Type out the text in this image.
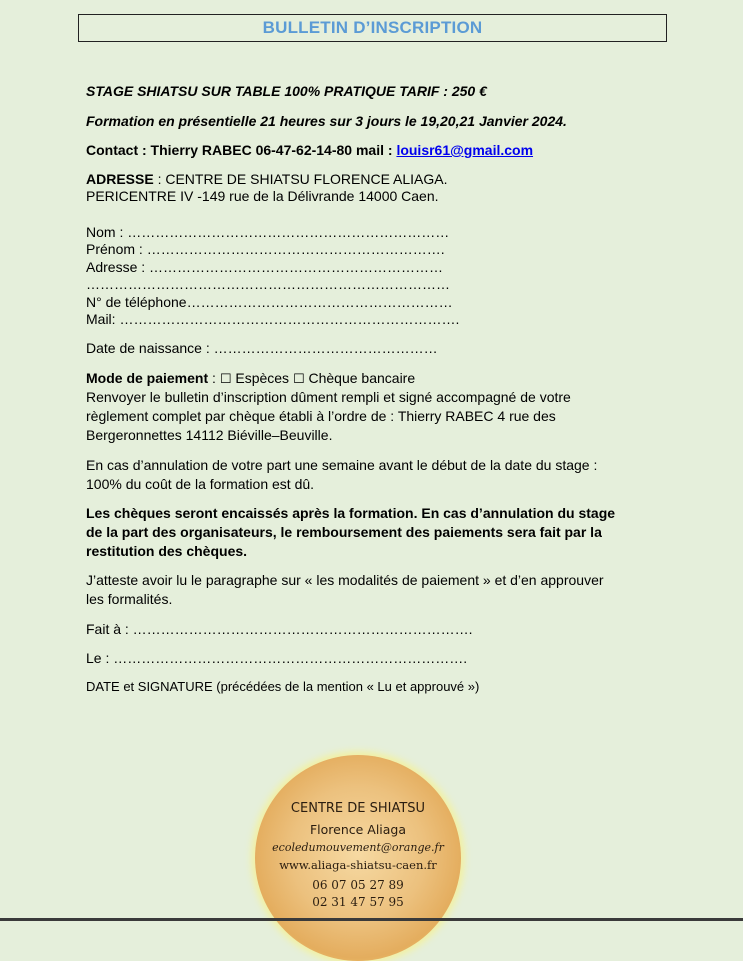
BULLETIN D’INSCRIPTION
STAGE SHIATSU SUR TABLE 100% PRATIQUE TARIF : 250 €
Formation en présentielle 21 heures sur 3 jours le 19,20,21 Janvier 2024.
Contact : Thierry RABEC 06-47-62-14-80 mail : louisr61@gmail.com
ADRESSE : CENTRE DE SHIATSU FLORENCE ALIAGA.
PERICENTRE IV -149 rue de la Délivrande 14000 Caen.
Nom : ……………………………………………………………
Prénom : ……………………………………………………….
Adresse : ………………………………………………………
……………………………………………………………………
N° de téléphone…………………………………………………
Mail: ……………………………………………………………….
Date de naissance : …………………………………………
Mode de paiement : ☐ Espèces ☐ Chèque bancaire
Renvoyer le bulletin d’inscription dûment rempli et signé accompagné de votre
règlement complet par chèque établi à l’ordre de : Thierry RABEC 4 rue des
Bergeronnettes 14112 Biéville–Beuville.
En cas d’annulation de votre part une semaine avant le début de la date du stage :
100% du coût de la formation est dû.
Les chèques seront encaissés après la formation. En cas d’annulation du stage
de la part des organisateurs, le remboursement des paiements sera fait par la
restitution des chèques.
J’atteste avoir lu le paragraphe sur « les modalités de paiement » et d’en approuver
les formalités.
Fait à : ……………………………………………………………….
Le : ………………………………………………………………….
DATE et SIGNATURE (précédées de la mention « Lu et approuvé »)
CENTRE DE SHIATSU
Florence Aliaga
ecoledumouvement@orange.fr
www.aliaga-shiatsu-caen.fr
06 07 05 27 89
02 31 47 57 95
